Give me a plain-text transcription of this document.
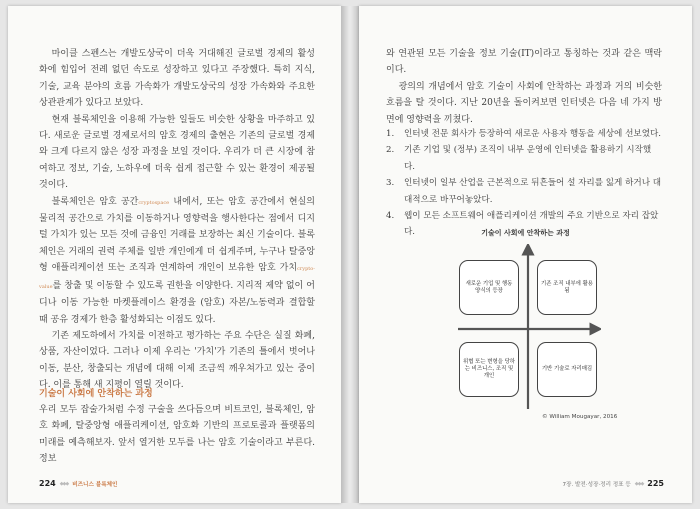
마이클 스펜스는 개발도상국이 더욱 거대해진 글로벌 경제의 활성화에 힘입어 전례 없던 속도로 성장하고 있다고 주장했다. 특히 지식, 기술, 교육 분야의 흐름 가속화가 개발도상국의 성장 가속화와 주요한 상관관계가 있다고 보았다.

현재 블록체인을 이용해 가능한 일들도 비슷한 상황을 마주하고 있다. 새로운 글로벌 경제로서의 암호 경제의 출현은 기존의 글로벌 경제와 크게 다르지 않은 성장 과정을 보일 것이다. 우리가 더 큰 시장에 참여하고 정보, 기술, 노하우에 더욱 쉽게 접근할 수 있는 환경이 제공될 것이다.

블록체인은 암호 공간cryptospace 내에서, 또는 암호 공간에서 현실의 물리적 공간으로 가치를 이동하거나 영향력을 행사한다는 점에서 디지털 가치가 있는 모든 것에 금융인 거래를 보장하는 최신 기술이다. 블록체인은 거래의 권력 주체를 일반 개인에게 더 쉽게주며, 누구나 탈중앙형 애플리케이션 또는 조직과 연계하여 개인이 보유한 암호 가치crypto-value를 창출 및 이동할 수 있도록 권한을 이양한다. 지리적 제약 없이 어디나 이동 가능한 마켓플레이스 환경을 (암호) 자본/노동력과 결합할 때 공유 경제가 한층 활성화되는 이점도 있다.

기존 제도하에서 가치를 이전하고 평가하는 주요 수단은 실질 화폐, 상품, 자산이었다. 그러나 이제 우리는 '가치'가 기존의 틀에서 벗어나 이동, 분산, 창출되는 개념에 대해 이제 조금씩 깨우쳐가고 있는 중이다. 이를 통해 새 지평이 열릴 것이다.

기술이 사회에 안착하는 과정

우리 모두 잡술가처럼 수정 구술을 쓰다듬으며 비트코인, 블록체인, 암호 화폐, 탈중앙형 애플리케이션, 암호화 기반의 프로토콜과 플랫폼의 미래를 예측해보자. 앞서 열거한 모두를 나는 암호 기술이라고 부른다. 정보

224 ◆◆◆ 비즈니스 블록체인

와 연관된 모든 기술을 정보 기술(IT)이라고 통칭하는 것과 같은 맥락이다.

광의의 개념에서 암호 기술이 사회에 안착하는 과정과 거의 비슷한 흐름을 탈 것이다. 지난 20년을 돌이켜보면 인터넷은 다음 네 가지 방면에 영향력을 끼쳤다.

1.	인터넷 전문 회사가 등장하여 새로운 사용자 행동을 세상에 선보였다.
2.	기존 기업 및 (정부) 조직이 내부 운영에 인터넷을 활용하기 시작했다.
3.	인터넷이 일부 산업을 근본적으로 뒤흔들어 설 자리를 잃게 하거나 대대적으로 바꾸어놓았다.
4.	웹이 모든 소프트웨어 애플리케이션 개발의 주요 기반으로 자리 잡았다.	기술이 사회에 안착하는 과정
새로운 기업 및 행동 양식의 등장
기존 조직 내부에 활용됨
위협 또는 변형을 당하는 비즈니스, 조직 및 개인
기반 기술로 자리매김

© William Mougayar, 2016

7장. 발전·성장·정리 정표 등 ◆◆◆ 225
